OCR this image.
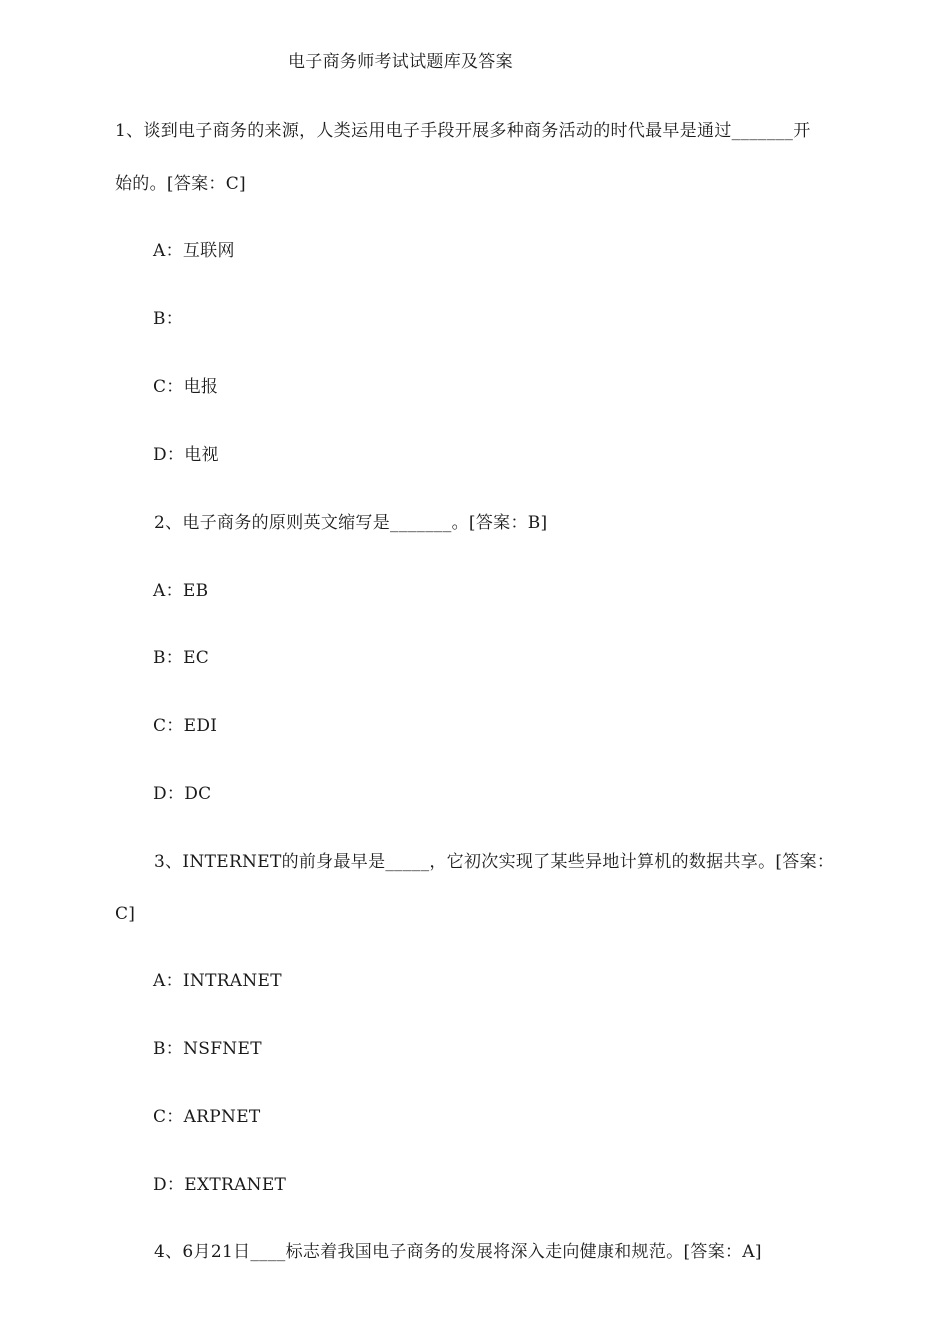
电子商务师考试试题库及答案
1、谈到电子商务的来源，人类运用电子手段开展多种商务活动的时代最早是通过_______开
始的。[答案：C]
A：互联网
B：
C：电报
D：电视
2、电子商务的原则英文缩写是_______。[答案：B]
A：EB
B：EC
C：EDI
D：DC
3、INTERNET的前身最早是_____，它初次实现了某些异地计算机的数据共享。[答案：
C]
A：INTRANET
B：NSFNET
C：ARPNET
D：EXTRANET
4、6月21日____标志着我国电子商务的发展将深入走向健康和规范。[答案：A]
